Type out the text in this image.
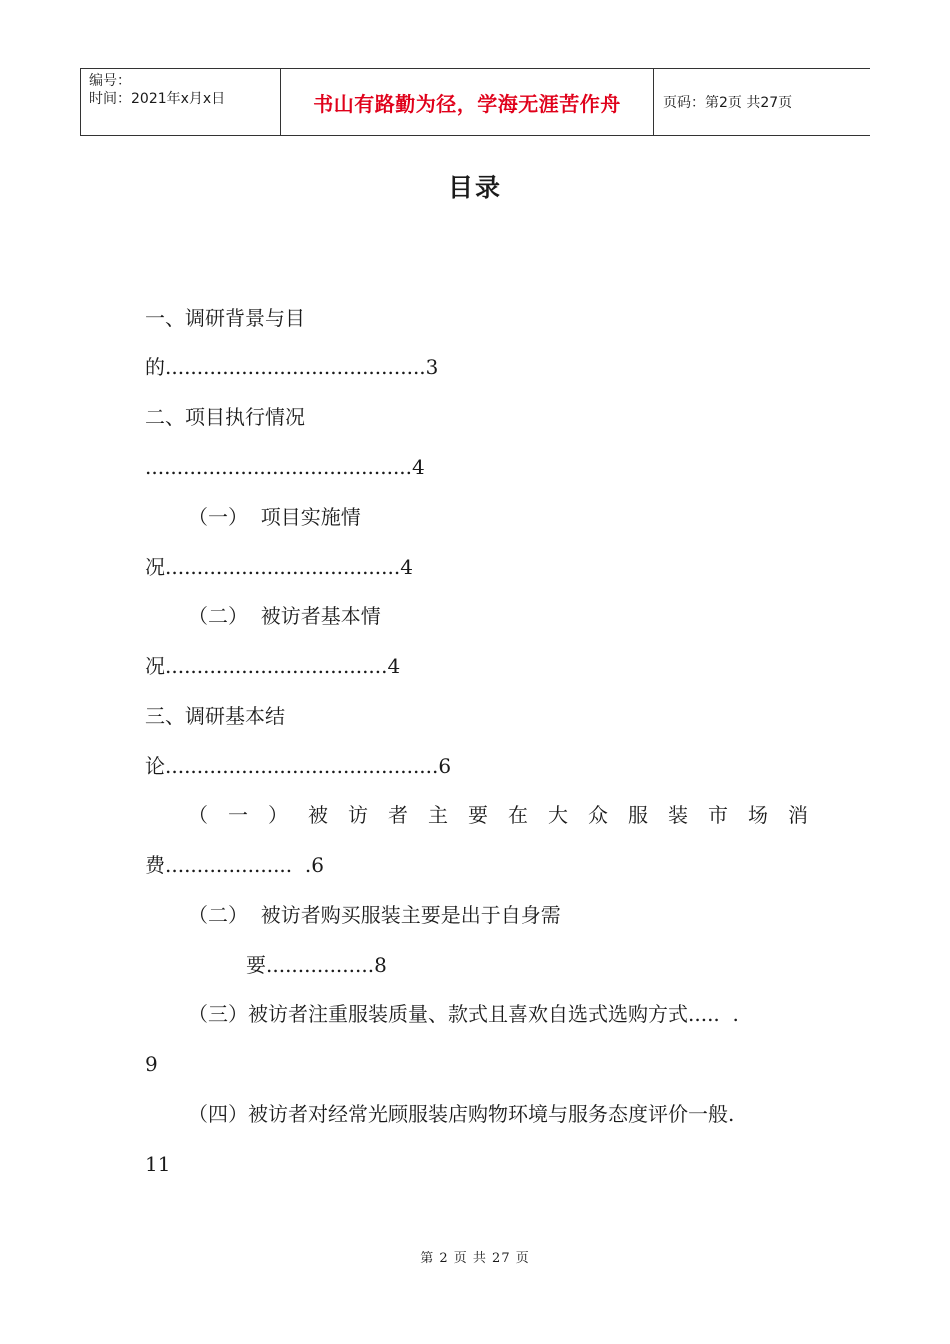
编号：
时间：2021年x月x日	书山有路勤为径，学海无涯苦作舟	页码：第2页 共27页
目录
一、调研背景与目
的.........................................3
二、项目执行情况
..........................................4
（一）  项目实施情
况.....................................4
（二）  被访者基本情
况...................................4
三、调研基本结
论...........................................6
（ 一 ） 被 访 者 主 要 在 大 众 服 装 市 场 消
费....................  .6
（二）  被访者购买服装主要是出于自身需
要.................8
（三）被访者注重服装质量、款式且喜欢自选式选购方式.....  .
9
（四）被访者对经常光顾服装店购物环境与服务态度评价一般.
11
第 2 页 共 27 页
